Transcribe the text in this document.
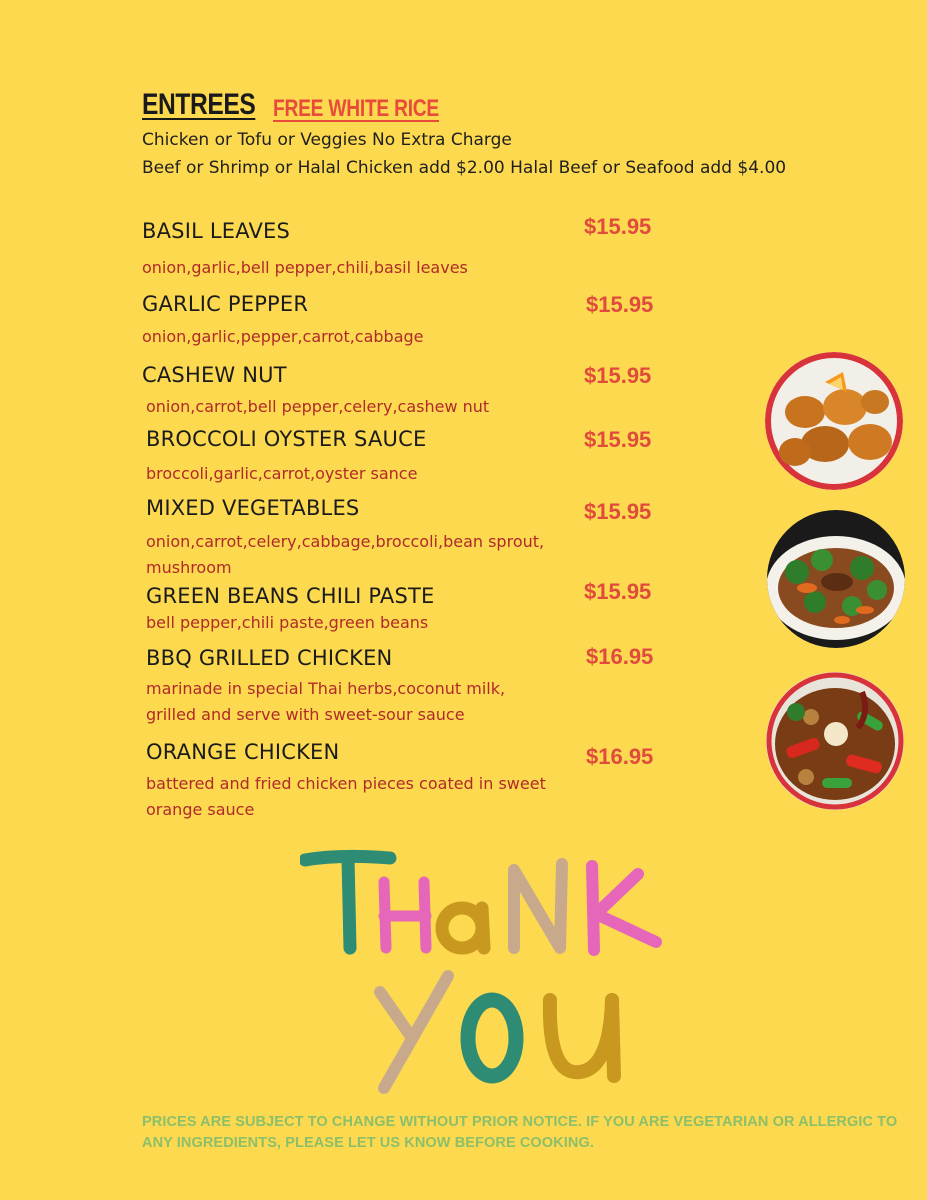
ENTREES FREE WHITE RICE
Chicken or Tofu or Veggies No Extra Charge
Beef or Shrimp or Halal Chicken add $2.00 Halal Beef or Seafood add $4.00
BASIL LEAVES	$15.95
onion,garlic,bell pepper,chili,basil leaves
GARLIC PEPPER	$15.95
onion,garlic,pepper,carrot,cabbage
CASHEW NUT	$15.95
onion,carrot,bell pepper,celery,cashew nut
BROCCOLI OYSTER SAUCE	$15.95
broccoli,garlic,carrot,oyster sance
MIXED VEGETABLES	$15.95
onion,carrot,celery,cabbage,broccoli,bean sprout,
mushroom
GREEN BEANS CHILI PASTE	$15.95
bell pepper,chili paste,green beans
BBQ GRILLED CHICKEN	$16.95
marinade in special Thai herbs,coconut milk,
grilled and serve with sweet-sour sauce
ORANGE CHICKEN	$16.95
battered and fried chicken pieces coated in sweet
orange sauce
PRICES ARE SUBJECT TO CHANGE WITHOUT PRIOR NOTICE. IF YOU ARE VEGETARIAN OR ALLERGIC TO
ANY INGREDIENTS, PLEASE LET US KNOW BEFORE COOKING.
